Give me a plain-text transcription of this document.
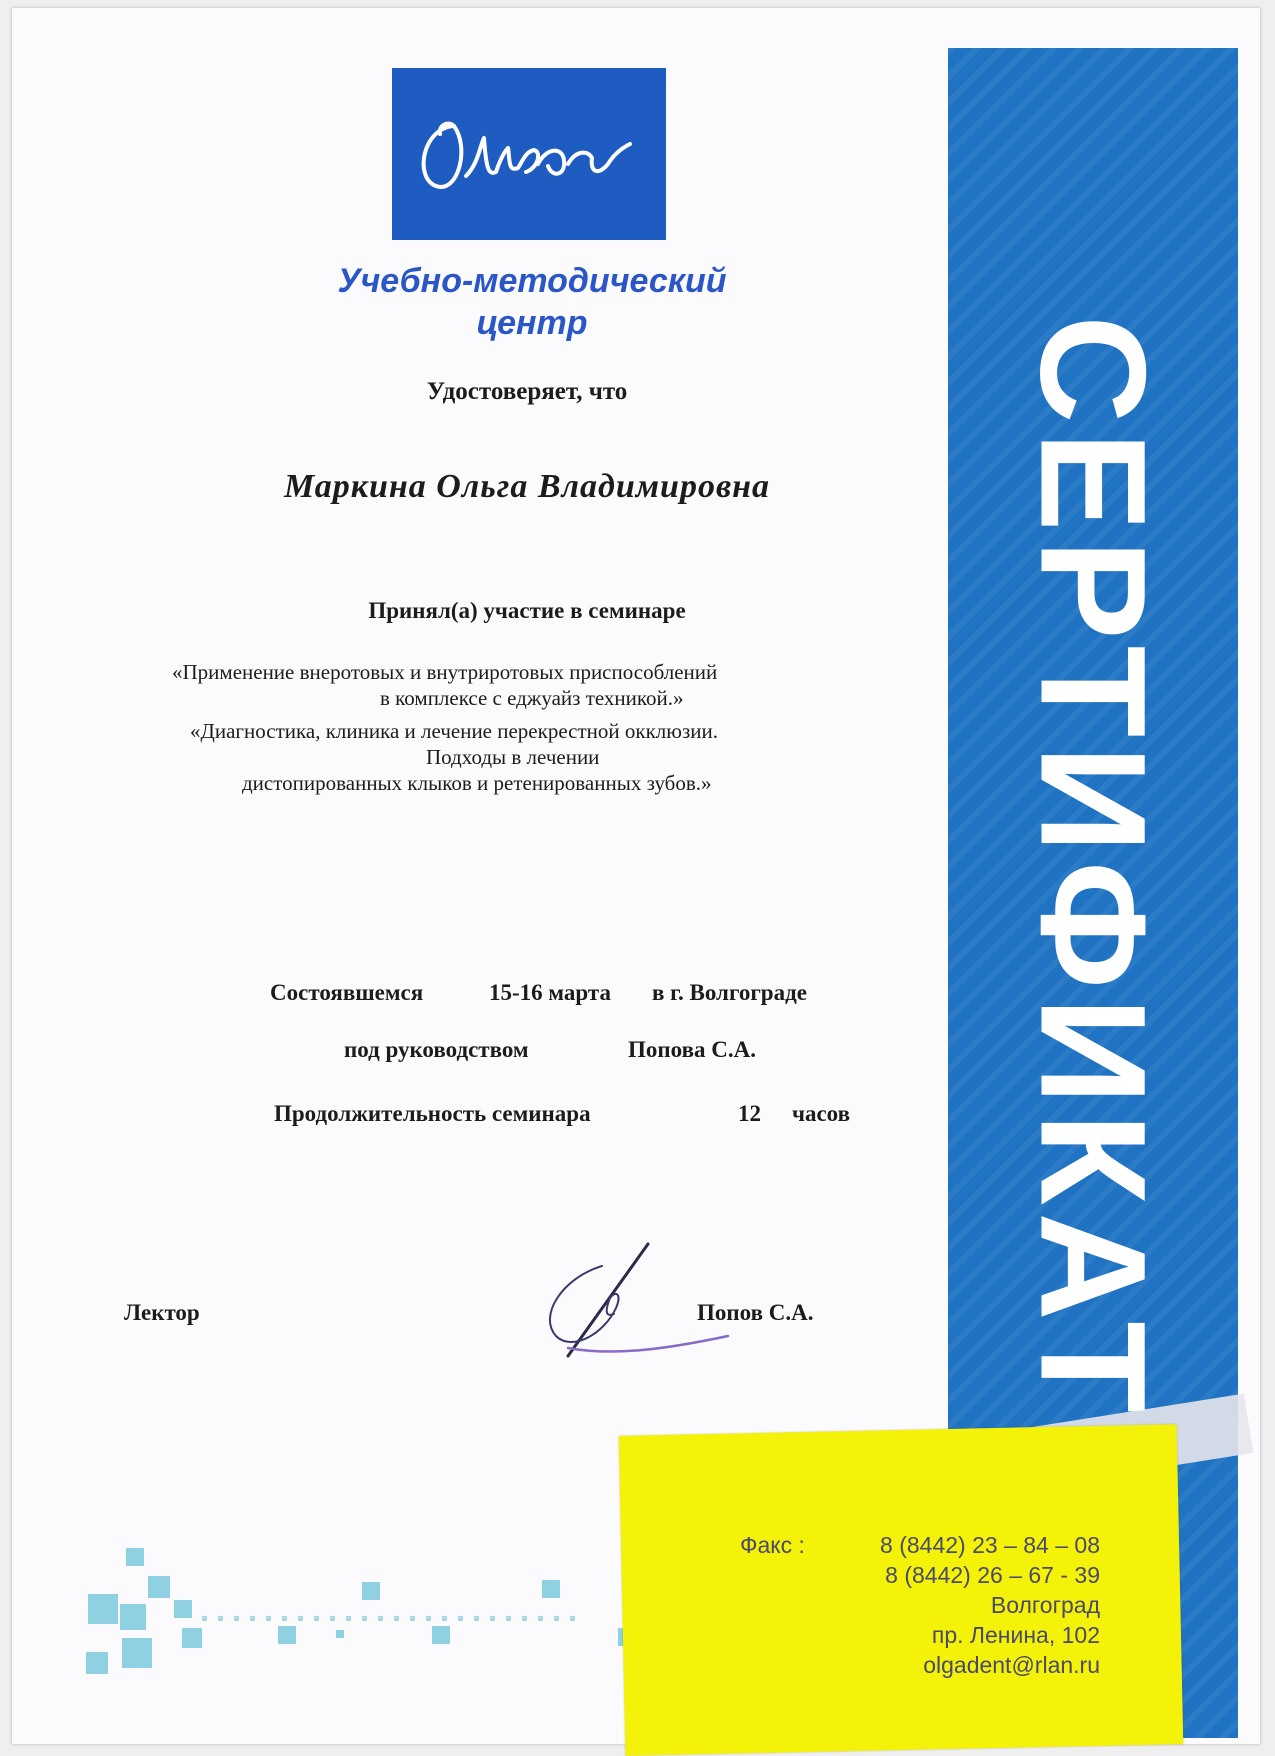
СЕРТИФИКАТ
Учебно-методический
центр
Удостоверяет, что
Маркина Ольга Владимировна
Принял(а) участие в семинаре
«Применение внеротовых и внутриротовых приспособлений
в комплексе с еджуайз техникой.»
«Диагностика, клиника и лечение перекрестной окклюзии.
Подходы в лечении
дистопированных клыков и ретенированных зубов.»
Состоявшемся	15-16 марта в г. Волгограде
под руководством	Попова С.А.
Продолжительность семинара	12 часов
Лектор	Попов С.А.
Факс :	8 (8442) 23 – 84 – 08
8 (8442) 26 – 67 - 39
Волгоград
пр. Ленина, 102
olgadent@rlan.ru
